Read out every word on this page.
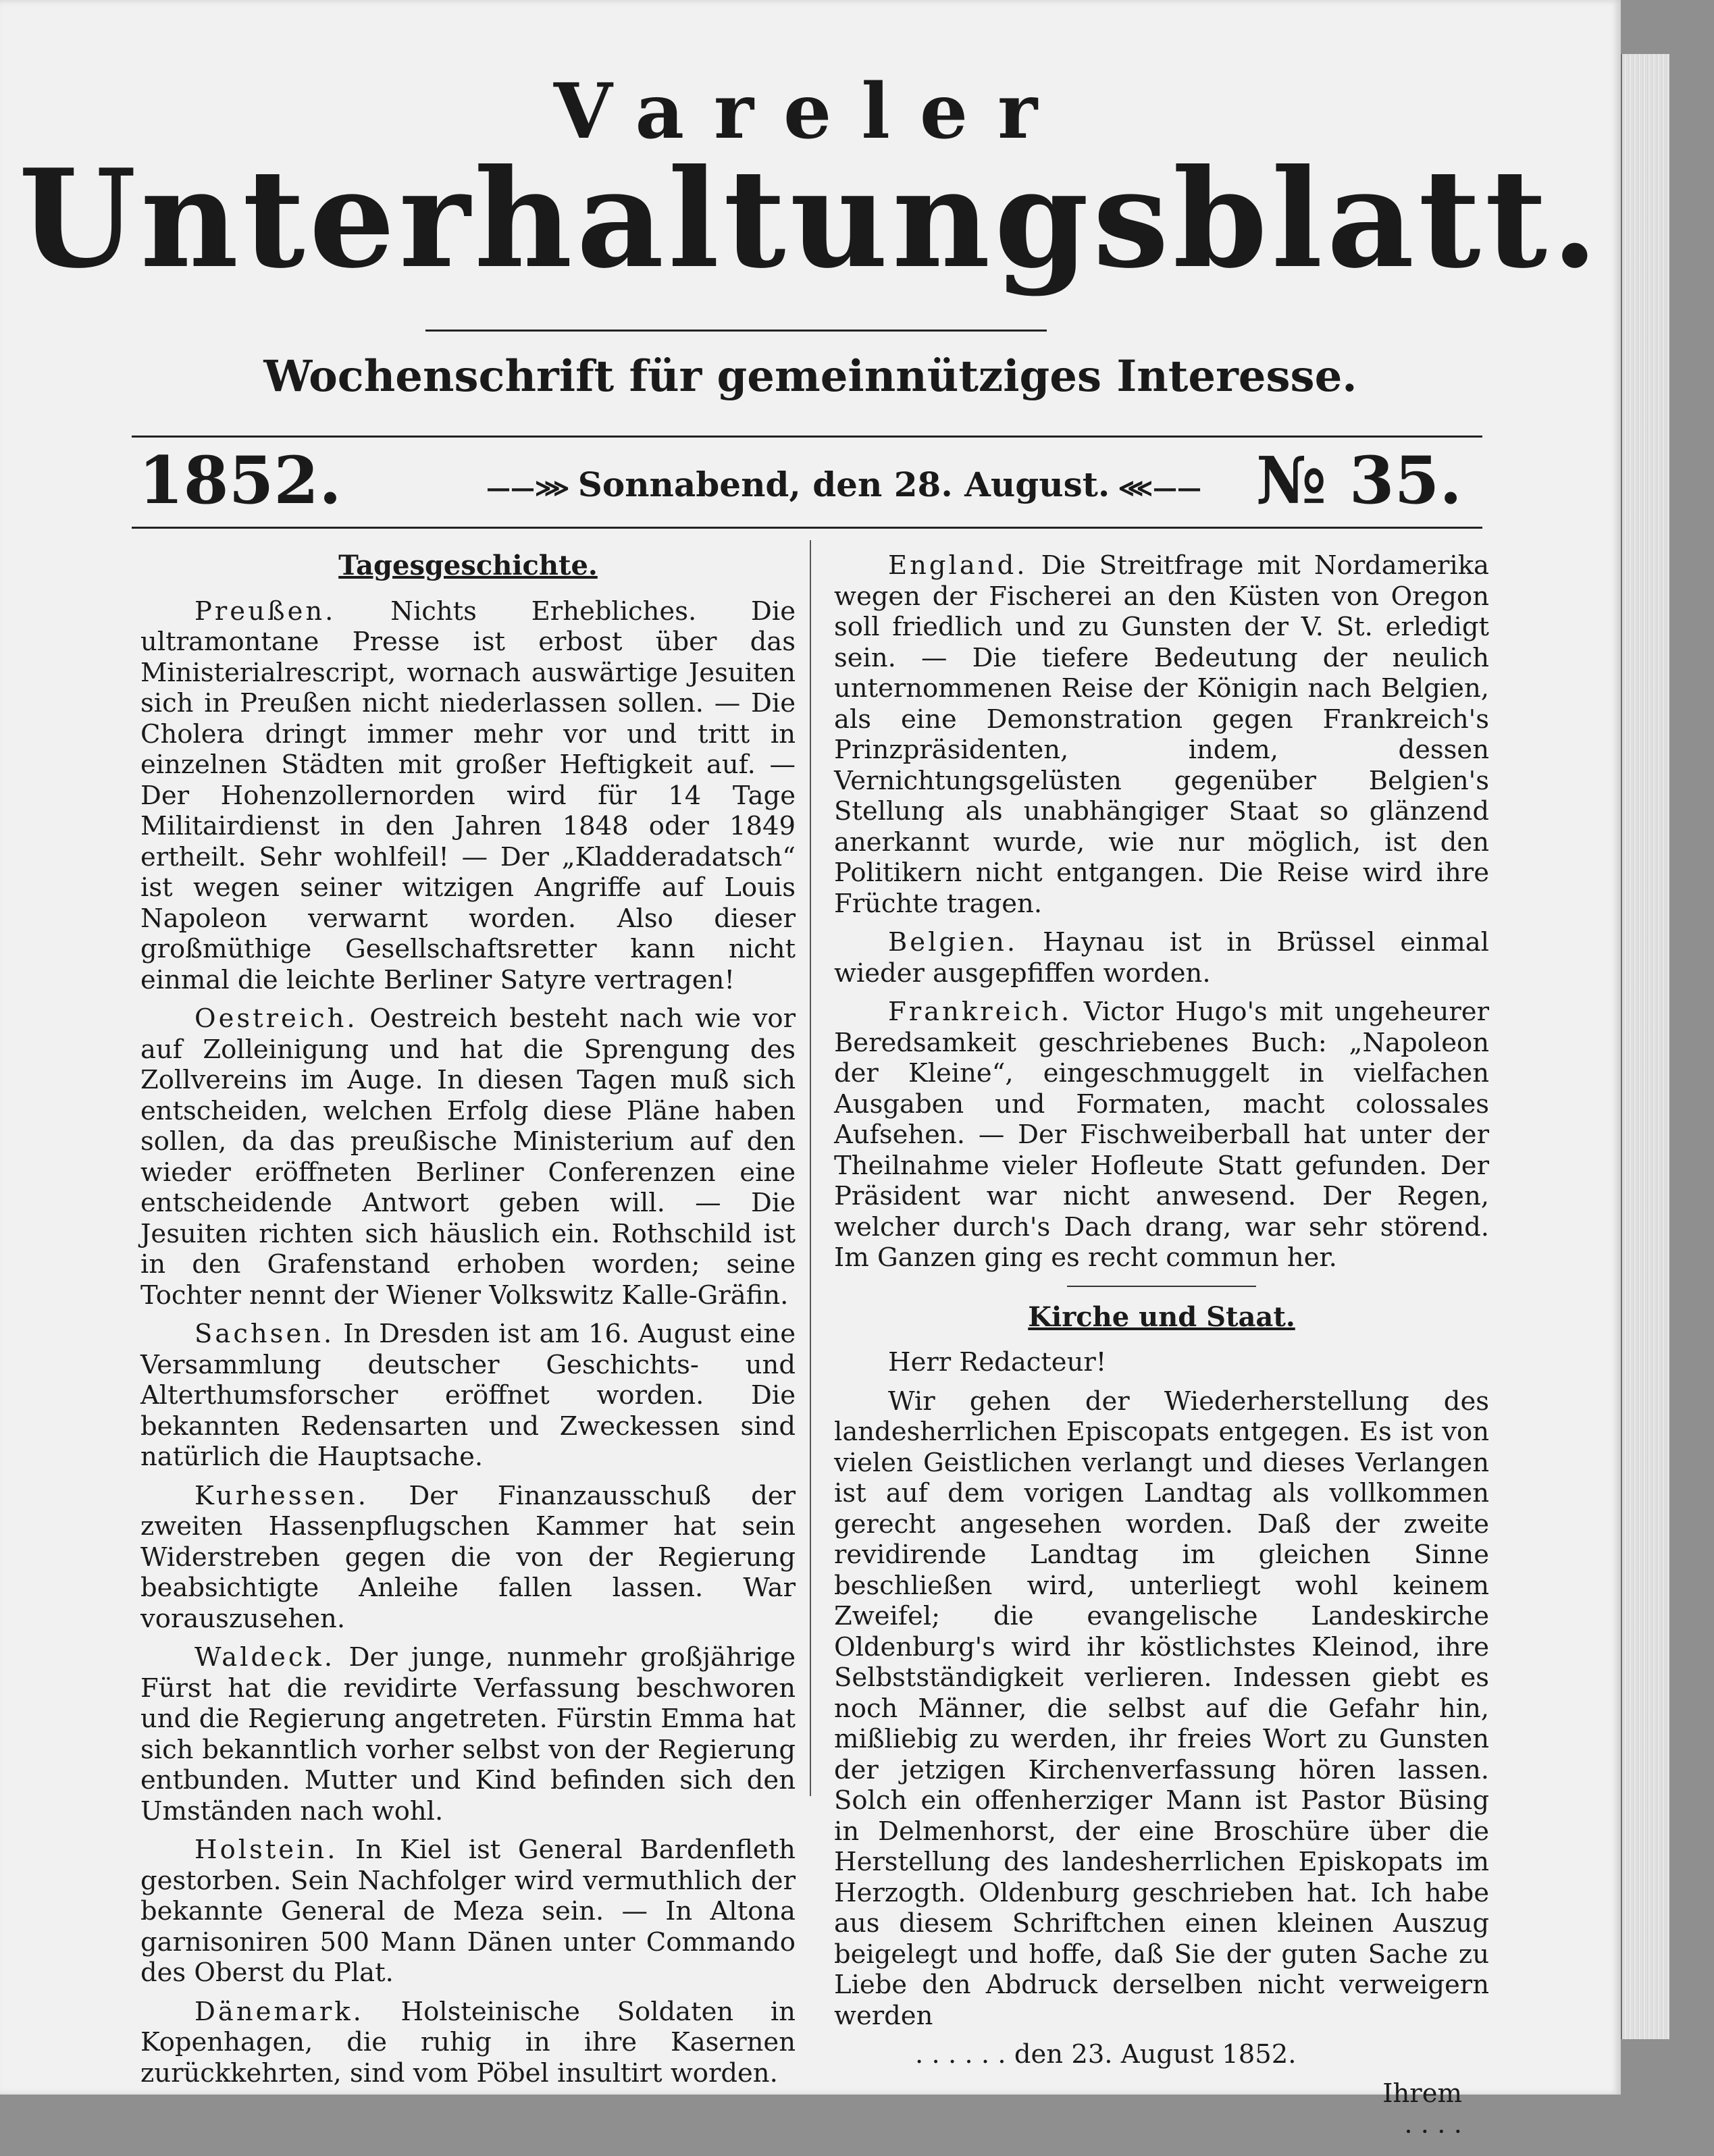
Vareler
Unterhaltungsblatt.
Wochenschrift für gemeinnütziges Interesse.
1852.	——⋙ Sonnabend, den 28. August. ⋘—— № 35.
Tagesgeschichte.

Preußen. Nichts Erhebliches. Die ultramontane Presse ist erbost über das Ministerialrescript, wornach auswärtige Jesuiten sich in Preußen nicht niederlassen sollen. — Die Cholera dringt immer mehr vor und tritt in einzelnen Städten mit großer Heftigkeit auf. — Der Hohenzollernorden wird für 14 Tage Militairdienst in den Jahren 1848 oder 1849 ertheilt. Sehr wohlfeil! — Der „Kladderadatsch“ ist wegen seiner witzigen Angriffe auf Louis Napoleon verwarnt worden. Also dieser großmüthige Gesellschaftsretter kann nicht einmal die leichte Berliner Satyre vertragen!

Oestreich. Oestreich besteht nach wie vor auf Zolleinigung und hat die Sprengung des Zollvereins im Auge. In diesen Tagen muß sich entscheiden, welchen Erfolg diese Pläne haben sollen, da das preußische Ministerium auf den wieder eröffneten Berliner Conferenzen eine entscheidende Antwort geben will. — Die Jesuiten richten sich häuslich ein. Rothschild ist in den Grafenstand erhoben worden; seine Tochter nennt der Wiener Volkswitz Kalle-Gräfin.

Sachsen. In Dresden ist am 16. August eine Versammlung deutscher Geschichts- und Alterthumsforscher eröffnet worden. Die bekannten Redensarten und Zweckessen sind natürlich die Hauptsache.

Kurhessen. Der Finanzausschuß der zweiten Hassenpflugschen Kammer hat sein Widerstreben gegen die von der Regierung beabsichtigte Anleihe fallen lassen. War vorauszusehen.

Waldeck. Der junge, nunmehr großjährige Fürst hat die revidirte Verfassung beschworen und die Regierung angetreten. Fürstin Emma hat sich bekanntlich vorher selbst von der Regierung entbunden. Mutter und Kind befinden sich den Umständen nach wohl.

Holstein. In Kiel ist General Bardenfleth gestorben. Sein Nachfolger wird vermuthlich der bekannte General de Meza sein. — In Altona garnisoniren 500 Mann Dänen unter Commando des Oberst du Plat.

Dänemark. Holsteinische Soldaten in Kopenhagen, die ruhig in ihre Kasernen zurückkehrten, sind vom Pöbel insultirt worden.

England. Die Streitfrage mit Nordamerika wegen der Fischerei an den Küsten von Oregon soll friedlich und zu Gunsten der V. St. erledigt sein. — Die tiefere Bedeutung der neulich unternommenen Reise der Königin nach Belgien, als eine Demonstration gegen Frankreich's Prinzpräsidenten, indem, dessen Vernichtungsgelüsten gegenüber Belgien's Stellung als unabhängiger Staat so glänzend anerkannt wurde, wie nur möglich, ist den Politikern nicht entgangen. Die Reise wird ihre Früchte tragen.

Belgien. Haynau ist in Brüssel einmal wieder ausgepfiffen worden.

Frankreich. Victor Hugo's mit ungeheurer Beredsamkeit geschriebenes Buch: „Napoleon der Kleine“, eingeschmuggelt in vielfachen Ausgaben und Formaten, macht colossales Aufsehen. — Der Fischweiberball hat unter der Theilnahme vieler Hofleute Statt gefunden. Der Präsident war nicht anwesend. Der Regen, welcher durch's Dach drang, war sehr störend. Im Ganzen ging es recht commun her.

Kirche und Staat.

Herr Redacteur!

Wir gehen der Wiederherstellung des landesherrlichen Episcopats entgegen. Es ist von vielen Geistlichen verlangt und dieses Verlangen ist auf dem vorigen Landtag als vollkommen gerecht angesehen worden. Daß der zweite revidirende Landtag im gleichen Sinne beschließen wird, unterliegt wohl keinem Zweifel; die evangelische Landeskirche Oldenburg's wird ihr köstlichstes Kleinod, ihre Selbstständigkeit verlieren. Indessen giebt es noch Männer, die selbst auf die Gefahr hin, mißliebig zu werden, ihr freies Wort zu Gunsten der jetzigen Kirchenverfassung hören lassen. Solch ein offenherziger Mann ist Pastor Büsing in Delmenhorst, der eine Broschüre über die Herstellung des landesherrlichen Episkopats im Herzogth. Oldenburg geschrieben hat. Ich habe aus diesem Schriftchen einen kleinen Auszug beigelegt und hoffe, daß Sie der guten Sache zu Liebe den Abdruck derselben nicht verweigern werden

. . . . . . den 23. August 1852.

Ihrem

· · · ·
